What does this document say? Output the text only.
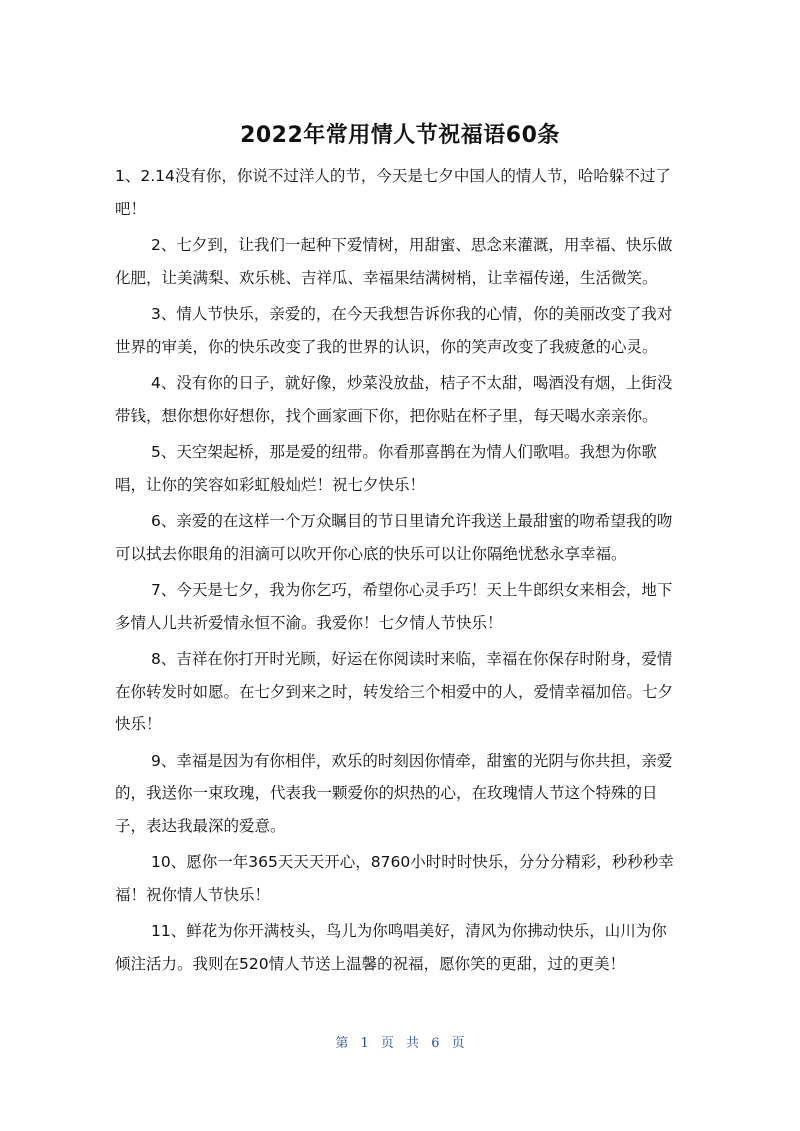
2022年常用情人节祝福语60条

1、2.14没有你，你说不过洋人的节，今天是七夕中国人的情人节，哈哈躲不过了吧！

2、七夕到，让我们一起种下爱情树，用甜蜜、思念来灌溉，用幸福、快乐做化肥，让美满梨、欢乐桃、吉祥瓜、幸福果结满树梢，让幸福传递，生活微笑。

3、情人节快乐，亲爱的，在今天我想告诉你我的心情，你的美丽改变了我对世界的审美，你的快乐改变了我的世界的认识，你的笑声改变了我疲惫的心灵。

4、没有你的日子，就好像，炒菜没放盐，桔子不太甜，喝酒没有烟，上街没带钱，想你想你好想你，找个画家画下你，把你贴在杯子里，每天喝水亲亲你。

5、天空架起桥，那是爱的纽带。你看那喜鹊在为情人们歌唱。我想为你歌唱，让你的笑容如彩虹般灿烂！祝七夕快乐！

6、亲爱的在这样一个万众瞩目的节日里请允许我送上最甜蜜的吻希望我的吻可以拭去你眼角的泪滴可以吹开你心底的快乐可以让你隔绝忧愁永享幸福。

7、今天是七夕，我为你乞巧，希望你心灵手巧！天上牛郎织女来相会，地下多情人儿共祈爱情永恒不渝。我爱你！七夕情人节快乐！

8、吉祥在你打开时光顾，好运在你阅读时来临，幸福在你保存时附身，爱情在你转发时如愿。在七夕到来之时，转发给三个相爱中的人，爱情幸福加倍。七夕快乐！

9、幸福是因为有你相伴，欢乐的时刻因你情牵，甜蜜的光阴与你共担，亲爱的，我送你一束玫瑰，代表我一颗爱你的炽热的心，在玫瑰情人节这个特殊的日子，表达我最深的爱意。

10、愿你一年365天天天开心，8760小时时时快乐，分分分精彩，秒秒秒幸福！祝你情人节快乐！

11、鲜花为你开满枝头，鸟儿为你鸣唱美好，清风为你拂动快乐，山川为你倾注活力。我则在520情人节送上温馨的祝福，愿你笑的更甜，过的更美！

第 1 页 共 6 页
